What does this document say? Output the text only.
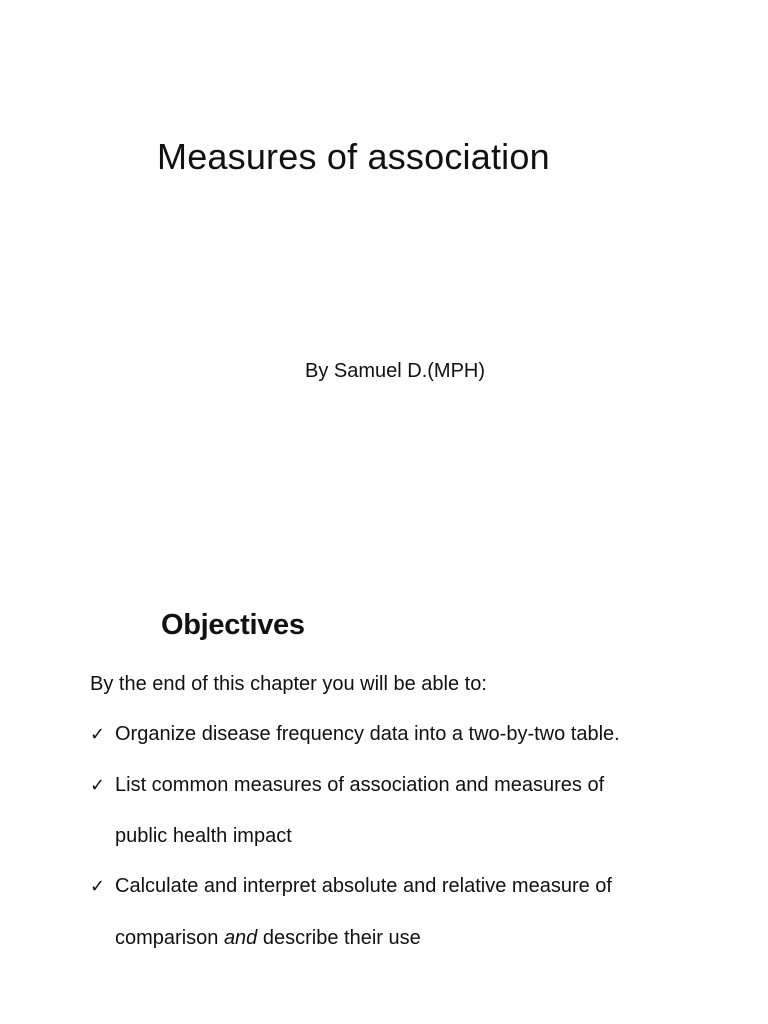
Measures of association
By Samuel D.(MPH)
Objectives
By the end of this chapter you will be able to:
✓ Organize disease frequency data into a two-by-two table.
✓ List common measures of association and measures of
public health impact
✓ Calculate and interpret absolute and relative measure of
comparison and describe their use
